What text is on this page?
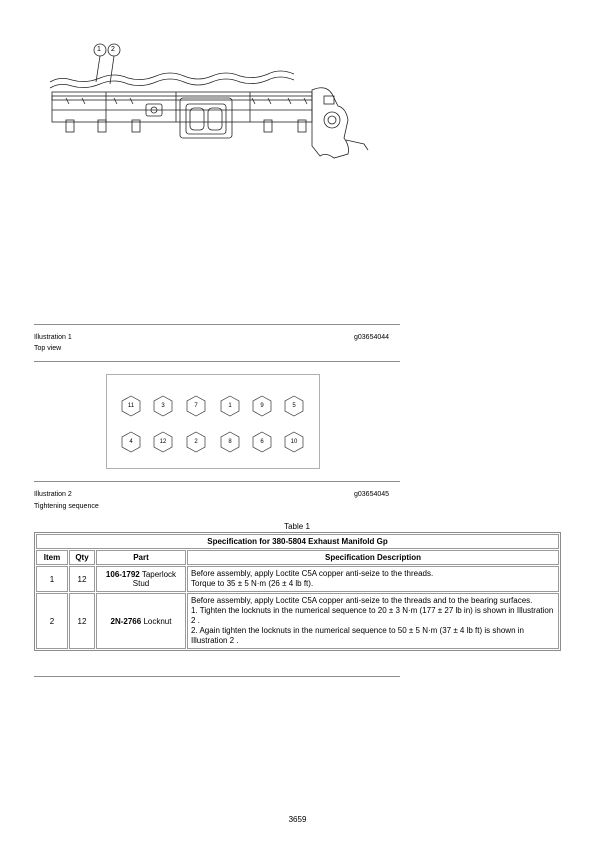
1 2
Illustration 1	g03654044
Top view
11	3	7	1	9	5
4	12	2	8	6	10
Illustration 2	g03654045
Tightening sequence
Table 1
Specification for 380-5804 Exhaust Manifold Gp			
Item	Qty	Part	Specification Description
1	12	106-1792 Taperlock Stud	Before assembly, apply Loctite C5A copper anti-seize to the threads.

Torque to 35 ± 5 N·m (26 ± 4 lb ft).

2	12	2N-2766 Locknut	Before assembly, apply Loctite C5A copper anti-seize to the threads and to the bearing surfaces.

1. Tighten the locknuts in the numerical sequence to 20 ± 3 N·m (177 ± 27 lb in) is shown in Illustration 2 .

2. Again tighten the locknuts in the numerical sequence to 50 ± 5 N·m (37 ± 4 lb ft) is shown in Illustration 2 .

3659
